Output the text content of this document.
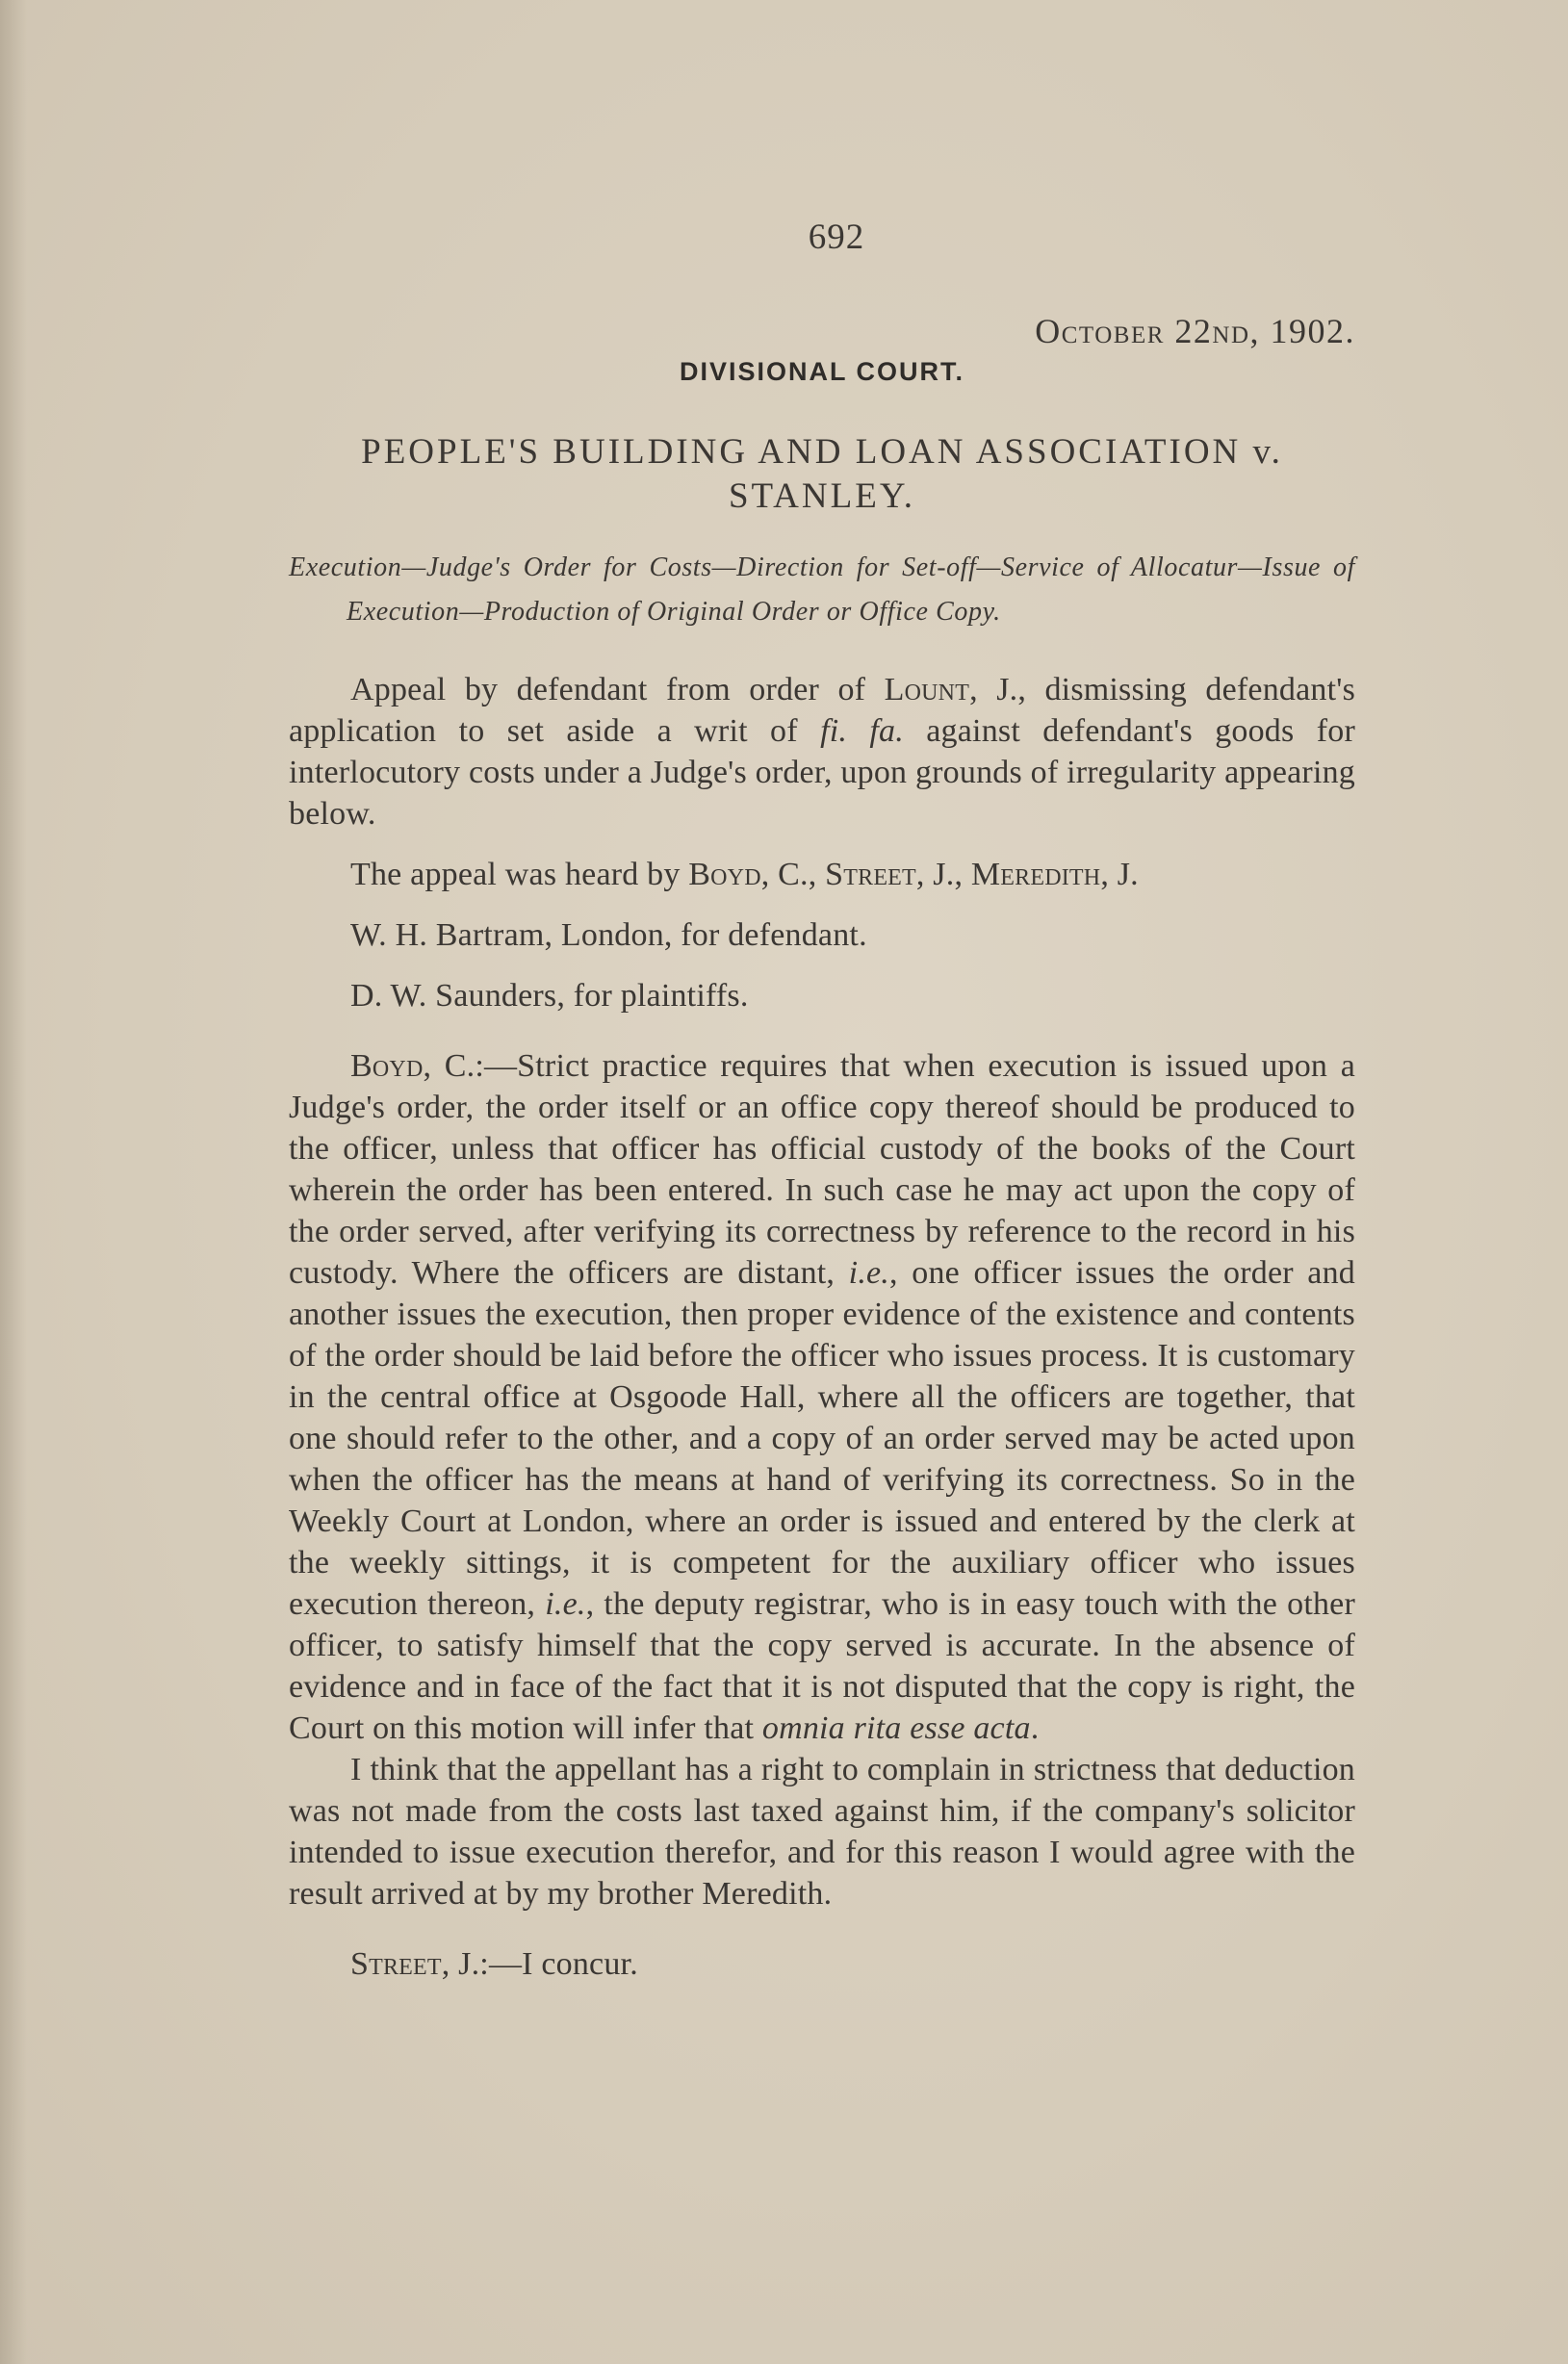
692
October 22nd, 1902.
DIVISIONAL COURT.
PEOPLE'S BUILDING AND LOAN ASSOCIATION v. STANLEY.
Execution—Judge's Order for Costs—Direction for Set-off—Service of Allocatur—Issue of Execution—Production of Original Order or Office Copy.

Appeal by defendant from order of Lount, J., dismissing defendant's application to set aside a writ of fi. fa. against defendant's goods for interlocutory costs under a Judge's order, upon grounds of irregularity appearing below.

The appeal was heard by Boyd, C., Street, J., Meredith, J.

W. H. Bartram, London, for defendant.

D. W. Saunders, for plaintiffs.

Boyd, C.:—Strict practice requires that when execution is issued upon a Judge's order, the order itself or an office copy thereof should be produced to the officer, unless that officer has official custody of the books of the Court wherein the order has been entered. In such case he may act upon the copy of the order served, after verifying its correctness by reference to the record in his custody. Where the officers are distant, i.e., one officer issues the order and another issues the execution, then proper evidence of the existence and contents of the order should be laid before the officer who issues process. It is customary in the central office at Osgoode Hall, where all the officers are together, that one should refer to the other, and a copy of an order served may be acted upon when the officer has the means at hand of verifying its correctness. So in the Weekly Court at London, where an order is issued and entered by the clerk at the weekly sittings, it is competent for the auxiliary officer who issues execution thereon, i.e., the deputy registrar, who is in easy touch with the other officer, to satisfy himself that the copy served is accurate. In the absence of evidence and in face of the fact that it is not disputed that the copy is right, the Court on this motion will infer that omnia rita esse acta.

I think that the appellant has a right to complain in strictness that deduction was not made from the costs last taxed against him, if the company's solicitor intended to issue execution therefor, and for this reason I would agree with the result arrived at by my brother Meredith.

Street, J.:—I concur.
